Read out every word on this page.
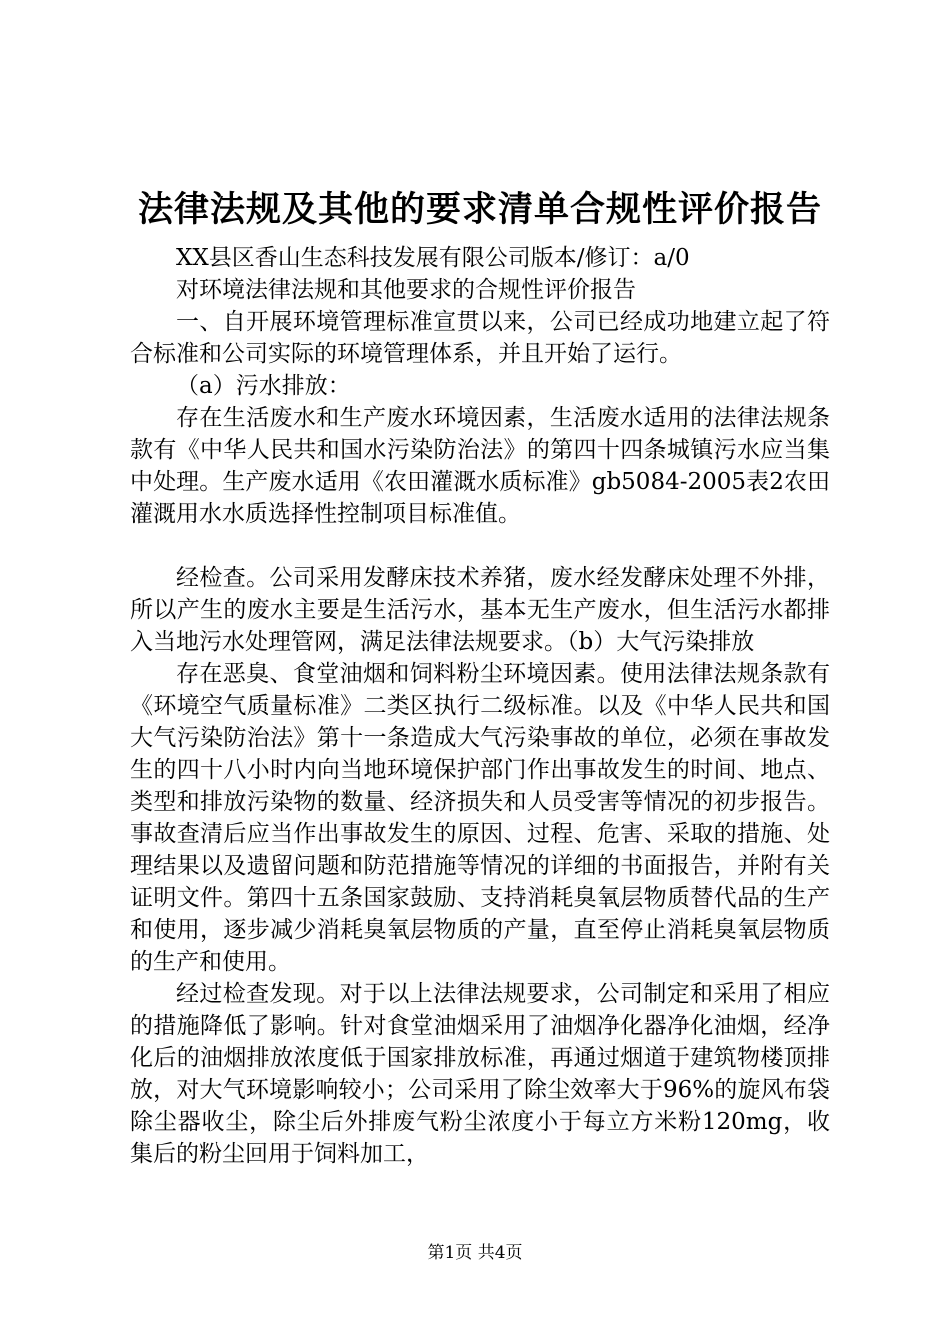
法律法规及其他的要求清单合规性评价报告

XX县区香山生态科技发展有限公司版本/修订：a/0

对环境法律法规和其他要求的合规性评价报告

一、自开展环境管理标准宣贯以来，公司已经成功地建立起了符合标准和公司实际的环境管理体系，并且开始了运行。

（a）污水排放：

存在生活废水和生产废水环境因素，生活废水适用的法律法规条款有《中华人民共和国水污染防治法》的第四十四条城镇污水应当集中处理。生产废水适用《农田灌溉水质标准》gb5084-2005表2农田灌溉用水水质选择性控制项目标准值。

经检查。公司采用发酵床技术养猪，废水经发酵床处理不外排，所以产生的废水主要是生活污水，基本无生产废水，但生活污水都排入当地污水处理管网，满足法律法规要求。（b）大气污染排放

存在恶臭、食堂油烟和饲料粉尘环境因素。使用法律法规条款有《环境空气质量标准》二类区执行二级标准。以及《中华人民共和国大气污染防治法》第十一条造成大气污染事故的单位，必须在事故发生的四十八小时内向当地环境保护部门作出事故发生的时间、地点、类型和排放污染物的数量、经济损失和人员受害等情况的初步报告。事故查清后应当作出事故发生的原因、过程、危害、采取的措施、处理结果以及遗留问题和防范措施等情况的详细的书面报告，并附有关证明文件。第四十五条国家鼓励、支持消耗臭氧层物质替代品的生产和使用，逐步减少消耗臭氧层物质的产量，直至停止消耗臭氧层物质的生产和使用。

经过检查发现。对于以上法律法规要求，公司制定和采用了相应的措施降低了影响。针对食堂油烟采用了油烟净化器净化油烟，经净化后的油烟排放浓度低于国家排放标准，再通过烟道于建筑物楼顶排放，对大气环境影响较小；公司采用了除尘效率大于96%的旋风布袋除尘器收尘，除尘后外排废气粉尘浓度小于每立方米粉120mg，收集后的粉尘回用于饲料加工，

第1页 共4页
